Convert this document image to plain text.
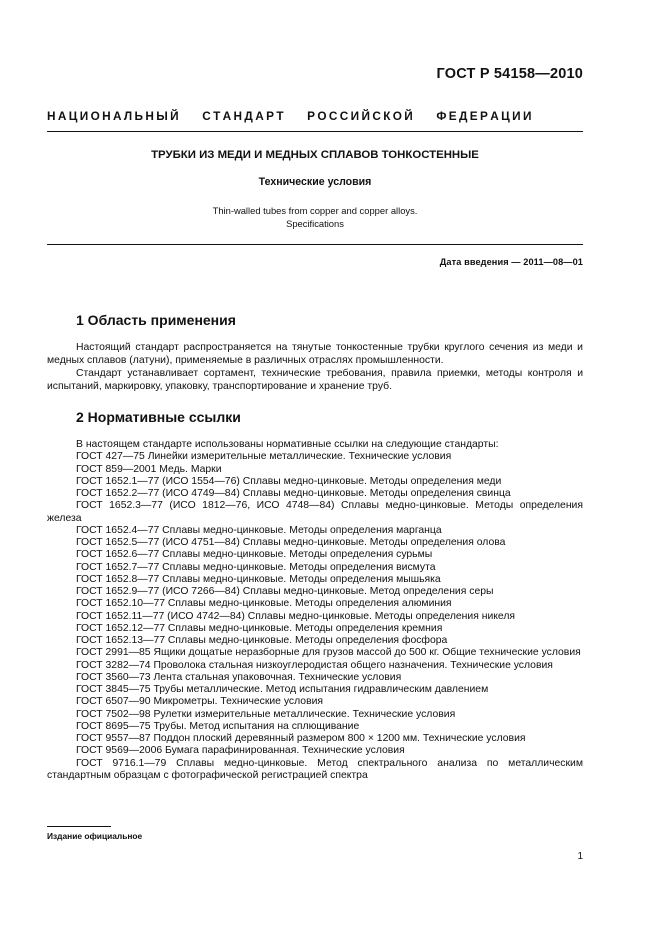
ГОСТ Р 54158—2010
Н А Ц И О Н А Л Ь Н Ы Й  С Т А Н Д А Р Т  Р О С С И Й С К О Й  Ф Е Д Е Р А Ц И И
ТРУБКИ ИЗ МЕДИ И МЕДНЫХ СПЛАВОВ ТОНКОСТЕННЫЕ
Технические условия
Thin-walled tubes from copper and copper alloys.
Specifications
Дата введения — 2011—08—01
1 Область применения
Настоящий стандарт распространяется на тянутые тонкостенные трубки круглого сечения из меди и медных сплавов (латуни), применяемые в различных отраслях промышленности.
Стандарт устанавливает сортамент, технические требования, правила приемки, методы контроля и испытаний, маркировку, упаковку, транспортирование и хранение труб.
2 Нормативные ссылки
В настоящем стандарте использованы нормативные ссылки на следующие стандарты:
ГОСТ 427—75 Линейки измерительные металлические. Технические условия
ГОСТ 859—2001 Медь. Марки
ГОСТ 1652.1—77 (ИСО 1554—76) Сплавы медно-цинковые. Методы определения меди
ГОСТ 1652.2—77 (ИСО 4749—84) Сплавы медно-цинковые. Методы определения свинца
ГОСТ 1652.3—77 (ИСО 1812—76, ИСО 4748—84) Сплавы медно-цинковые. Методы определения железа
ГОСТ 1652.4—77 Сплавы медно-цинковые. Методы определения марганца
ГОСТ 1652.5—77 (ИСО 4751—84) Сплавы медно-цинковые. Методы определения олова
ГОСТ 1652.6—77 Сплавы медно-цинковые. Методы определения сурьмы
ГОСТ 1652.7—77 Сплавы медно-цинковые. Методы определения висмута
ГОСТ 1652.8—77 Сплавы медно-цинковые. Методы определения мышьяка
ГОСТ 1652.9—77 (ИСО 7266—84) Сплавы медно-цинковые. Метод определения серы
ГОСТ 1652.10—77 Сплавы медно-цинковые. Методы определения алюминия
ГОСТ 1652.11—77 (ИСО 4742—84) Сплавы медно-цинковые. Методы определения никеля
ГОСТ 1652.12—77 Сплавы медно-цинковые. Методы определения кремния
ГОСТ 1652.13—77 Сплавы медно-цинковые. Методы определения фосфора
ГОСТ 2991—85 Ящики дощатые неразборные для грузов массой до 500 кг. Общие технические условия
ГОСТ 3282—74 Проволока стальная низкоуглеродистая общего назначения. Технические условия
ГОСТ 3560—73 Лента стальная упаковочная. Технические условия
ГОСТ 3845—75 Трубы металлические. Метод испытания гидравлическим давлением
ГОСТ 6507—90 Микрометры. Технические условия
ГОСТ 7502—98 Рулетки измерительные металлические. Технические условия
ГОСТ 8695—75 Трубы. Метод испытания на сплющивание
ГОСТ 9557—87 Поддон плоский деревянный размером 800 × 1200 мм. Технические условия
ГОСТ 9569—2006 Бумага парафинированная. Технические условия
ГОСТ 9716.1—79 Сплавы медно-цинковые. Метод спектрального анализа по металлическим стандартным образцам с фотографической регистрацией спектра
Издание официальное
1
